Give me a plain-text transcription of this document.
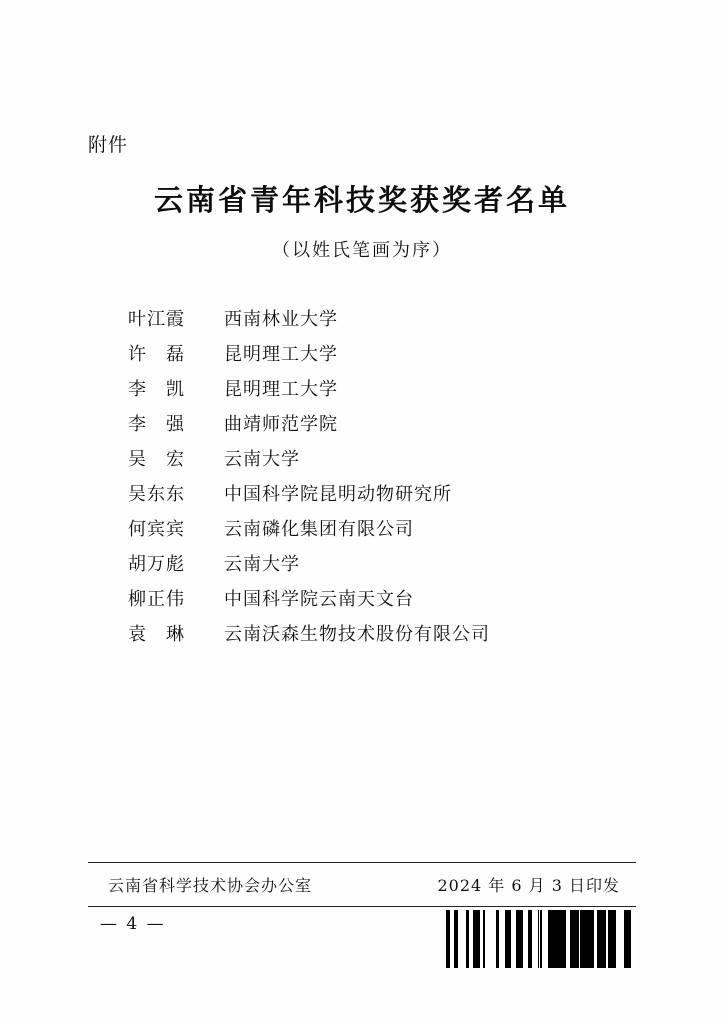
附件
云南省青年科技奖获奖者名单
（以姓氏笔画为序）
叶江霞	西南林业大学
许　磊	昆明理工大学
李　凯	昆明理工大学
李　强	曲靖师范学院
吴　宏	云南大学
吴东东	中国科学院昆明动物研究所
何宾宾	云南磷化集团有限公司
胡万彪	云南大学
柳正伟	中国科学院云南天文台
袁　琳	云南沃森生物技术股份有限公司
云南省科学技术协会办公室	2024 年 6 月 3 日印发
— 4 —
